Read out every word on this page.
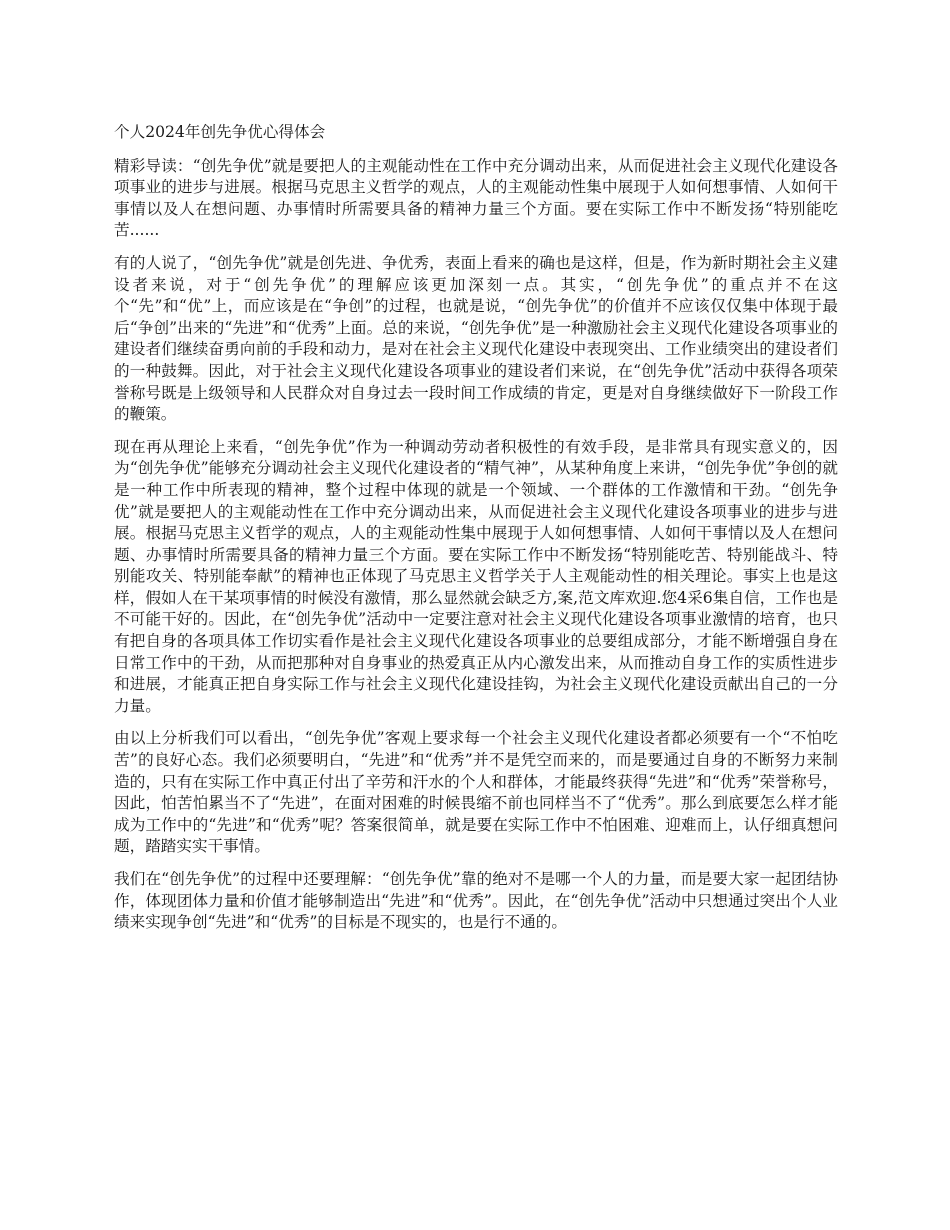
个人2024年创先争优心得体会

精彩导读：“创先争优”就是要把人的主观能动性在工作中充分调动出来，从而促进社会主义现代化建设各项事业的进步与进展。根据马克思主义哲学的观点，人的主观能动性集中展现于人如何想事情、人如何干事情以及人在想问题、办事情时所需要具备的精神力量三个方面。要在实际工作中不断发扬“特别能吃苦......

有的人说了，“创先争优”就是创先进、争优秀，表面上看来的确也是这样，但是，作为新时期社会主义建设者来说，对于“创先争优”的理解应该更加深刻一点。其实，“创先争优”的重点并不在这个“先”和“优”上，而应该是在“争创”的过程，也就是说，“创先争优”的价值并不应该仅仅集中体现于最后“争创”出来的“先进”和“优秀”上面。总的来说，“创先争优”是一种激励社会主义现代化建设各项事业的建设者们继续奋勇向前的手段和动力，是对在社会主义现代化建设中表现突出、工作业绩突出的建设者们的一种鼓舞。因此，对于社会主义现代化建设各项事业的建设者们来说，在“创先争优”活动中获得各项荣誉称号既是上级领导和人民群众对自身过去一段时间工作成绩的肯定，更是对自身继续做好下一阶段工作的鞭策。

现在再从理论上来看，“创先争优”作为一种调动劳动者积极性的有效手段，是非常具有现实意义的，因为“创先争优”能够充分调动社会主义现代化建设者的“精气神”，从某种角度上来讲，“创先争优”争创的就是一种工作中所表现的精神，整个过程中体现的就是一个领域、一个群体的工作激情和干劲。“创先争优”就是要把人的主观能动性在工作中充分调动出来，从而促进社会主义现代化建设各项事业的进步与进展。根据马克思主义哲学的观点，人的主观能动性集中展现于人如何想事情、人如何干事情以及人在想问题、办事情时所需要具备的精神力量三个方面。要在实际工作中不断发扬“特别能吃苦、特别能战斗、特别能攻关、特别能奉献”的精神也正体现了马克思主义哲学关于人主观能动性的相关理论。事实上也是这样，假如人在干某项事情的时候没有激情，那么显然就会缺乏方,案,范文库欢迎.您4采6集自信，工作也是不可能干好的。因此，在“创先争优”活动中一定要注意对社会主义现代化建设各项事业激情的培育，也只有把自身的各项具体工作切实看作是社会主义现代化建设各项事业的总要组成部分，才能不断增强自身在日常工作中的干劲，从而把那种对自身事业的热爱真正从内心激发出来，从而推动自身工作的实质性进步和进展，才能真正把自身实际工作与社会主义现代化建设挂钩，为社会主义现代化建设贡献出自己的一分力量。

由以上分析我们可以看出，“创先争优”客观上要求每一个社会主义现代化建设者都必须要有一个“不怕吃苦”的良好心态。我们必须要明白，“先进”和“优秀”并不是凭空而来的，而是要通过自身的不断努力来制造的，只有在实际工作中真正付出了辛劳和汗水的个人和群体，才能最终获得“先进”和“优秀”荣誉称号，因此，怕苦怕累当不了“先进”，在面对困难的时候畏缩不前也同样当不了“优秀”。那么到底要怎么样才能成为工作中的“先进”和“优秀”呢？答案很简单，就是要在实际工作中不怕困难、迎难而上，认仔细真想问题，踏踏实实干事情。

我们在“创先争优”的过程中还要理解：“创先争优”靠的绝对不是哪一个人的力量，而是要大家一起团结协作，体现团体力量和价值才能够制造出“先进”和“优秀”。因此，在“创先争优”活动中只想通过突出个人业绩来实现争创“先进”和“优秀”的目标是不现实的，也是行不通的。
